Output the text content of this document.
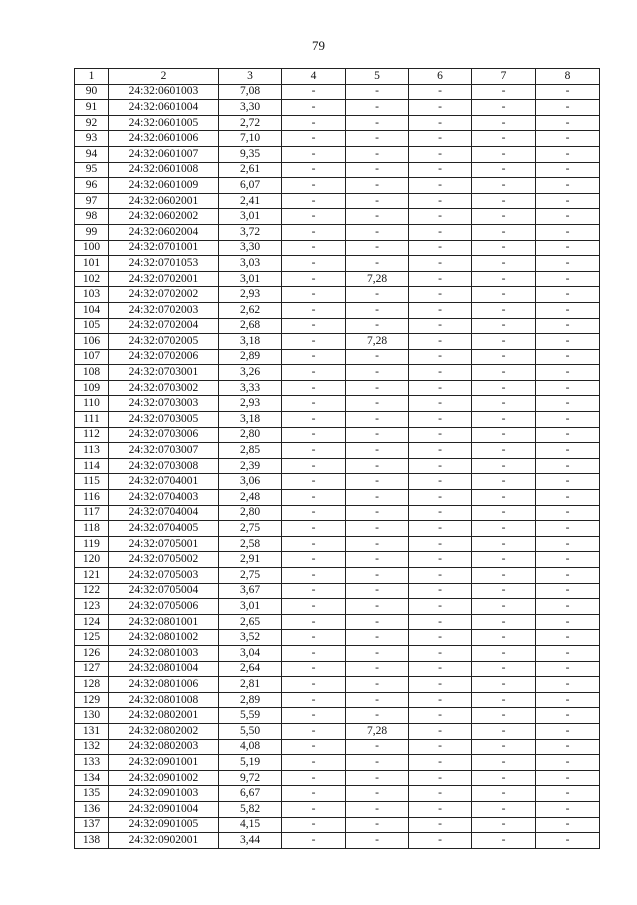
79
1	2	3	4	5	6	7	8
90	24:32:0601003	7,08	-	-	-	-	-
91	24:32:0601004	3,30	-	-	-	-	-
92	24:32:0601005	2,72	-	-	-	-	-
93	24:32:0601006	7,10	-	-	-	-	-
94	24:32:0601007	9,35	-	-	-	-	-
95	24:32:0601008	2,61	-	-	-	-	-
96	24:32:0601009	6,07	-	-	-	-	-
97	24:32:0602001	2,41	-	-	-	-	-
98	24:32:0602002	3,01	-	-	-	-	-
99	24:32:0602004	3,72	-	-	-	-	-
100	24:32:0701001	3,30	-	-	-	-	-
101	24:32:0701053	3,03	-	-	-	-	-
102	24:32:0702001	3,01	-	7,28	-	-	-
103	24:32:0702002	2,93	-	-	-	-	-
104	24:32:0702003	2,62	-	-	-	-	-
105	24:32:0702004	2,68	-	-	-	-	-
106	24:32:0702005	3,18	-	7,28	-	-	-
107	24:32:0702006	2,89	-	-	-	-	-
108	24:32:0703001	3,26	-	-	-	-	-
109	24:32:0703002	3,33	-	-	-	-	-
110	24:32:0703003	2,93	-	-	-	-	-
111	24:32:0703005	3,18	-	-	-	-	-
112	24:32:0703006	2,80	-	-	-	-	-
113	24:32:0703007	2,85	-	-	-	-	-
114	24:32:0703008	2,39	-	-	-	-	-
115	24:32:0704001	3,06	-	-	-	-	-
116	24:32:0704003	2,48	-	-	-	-	-
117	24:32:0704004	2,80	-	-	-	-	-
118	24:32:0704005	2,75	-	-	-	-	-
119	24:32:0705001	2,58	-	-	-	-	-
120	24:32:0705002	2,91	-	-	-	-	-
121	24:32:0705003	2,75	-	-	-	-	-
122	24:32:0705004	3,67	-	-	-	-	-
123	24:32:0705006	3,01	-	-	-	-	-
124	24:32:0801001	2,65	-	-	-	-	-
125	24:32:0801002	3,52	-	-	-	-	-
126	24:32:0801003	3,04	-	-	-	-	-
127	24:32:0801004	2,64	-	-	-	-	-
128	24:32:0801006	2,81	-	-	-	-	-
129	24:32:0801008	2,89	-	-	-	-	-
130	24:32:0802001	5,59	-	-	-	-	-
131	24:32:0802002	5,50	-	7,28	-	-	-
132	24:32:0802003	4,08	-	-	-	-	-
133	24:32:0901001	5,19	-	-	-	-	-
134	24:32:0901002	9,72	-	-	-	-	-
135	24:32:0901003	6,67	-	-	-	-	-
136	24:32:0901004	5,82	-	-	-	-	-
137	24:32:0901005	4,15	-	-	-	-	-
138	24:32:0902001	3,44	-	-	-	-	-
